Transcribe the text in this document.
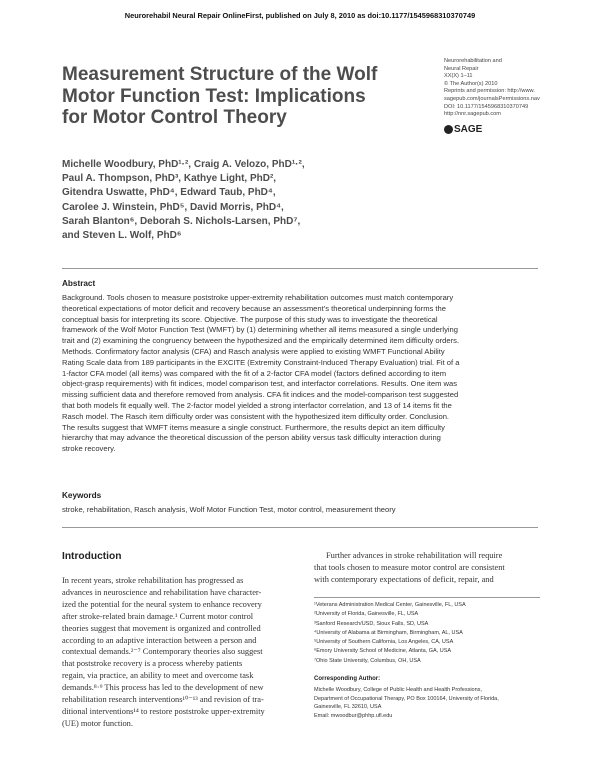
Neurorehabil Neural Repair OnlineFirst, published on July 8, 2010 as doi:10.1177/1545968310370749
Measurement Structure of the Wolf
Motor Function Test: Implications
for Motor Control Theory
Neurorehabilitation and
Neural Repair
XX(X) 1–11
© The Author(s) 2010
Reprints and permission: http://www.
sagepub.com/journalsPermissions.nav
DOI: 10.1177/1545968310370749
http://nnr.sagepub.com
SAGE
Michelle Woodbury, PhD¹·², Craig A. Velozo, PhD¹·²,
Paul A. Thompson, PhD³, Kathye Light, PhD²,
Gitendra Uswatte, PhD⁴, Edward Taub, PhD⁴,
Carolee J. Winstein, PhD⁵, David Morris, PhD⁴,
Sarah Blanton⁶, Deborah S. Nichols-Larsen, PhD⁷,
and Steven L. Wolf, PhD⁶
Abstract
Background. Tools chosen to measure poststroke upper-extremity rehabilitation outcomes must match contemporary
theoretical expectations of motor deficit and recovery because an assessment’s theoretical underpinning forms the
conceptual basis for interpreting its score. Objective. The purpose of this study was to investigate the theoretical
framework of the Wolf Motor Function Test (WMFT) by (1) determining whether all items measured a single underlying
trait and (2) examining the congruency between the hypothesized and the empirically determined item difficulty orders.
Methods. Confirmatory factor analysis (CFA) and Rasch analysis were applied to existing WMFT Functional Ability
Rating Scale data from 189 participants in the EXCITE (Extremity Constraint-Induced Therapy Evaluation) trial. Fit of a
1-factor CFA model (all items) was compared with the fit of a 2-factor CFA model (factors defined according to item
object-grasp requirements) with fit indices, model comparison test, and interfactor correlations. Results. One item was
missing sufficient data and therefore removed from analysis. CFA fit indices and the model-comparison test suggested
that both models fit equally well. The 2-factor model yielded a strong interfactor correlation, and 13 of 14 items fit the
Rasch model. The Rasch item difficulty order was consistent with the hypothesized item difficulty order. Conclusion.
The results suggest that WMFT items measure a single construct. Furthermore, the results depict an item difficulty
hierarchy that may advance the theoretical discussion of the person ability versus task difficulty interaction during
stroke recovery.
Keywords
stroke, rehabilitation, Rasch analysis, Wolf Motor Function Test, motor control, measurement theory
Introduction
In recent years, stroke rehabilitation has progressed as
advances in neuroscience and rehabilitation have character-
ized the potential for the neural system to enhance recovery
after stroke-related brain damage.¹ Current motor control
theories suggest that movement is organized and controlled
according to an adaptive interaction between a person and
contextual demands.²⁻⁷ Contemporary theories also suggest
that poststroke recovery is a process whereby patients
regain, via practice, an ability to meet and overcome task
demands.⁸·⁹ This process has led to the development of new
rehabilitation research interventions¹⁰⁻¹³ and revision of tra-
ditional interventions¹⁴ to restore poststroke upper-extremity
(UE) motor function.
Further advances in stroke rehabilitation will require
that tools chosen to measure motor control are consistent
with contemporary expectations of deficit, repair, and
¹Veterans Administration Medical Center, Gainesville, FL, USA
²University of Florida, Gainesville, FL, USA
³Sanford Research/USD, Sioux Falls, SD, USA
⁴University of Alabama at Birmingham, Birmingham, AL, USA
⁵University of Southern California, Los Angeles, CA, USA
⁶Emory University School of Medicine, Atlanta, GA, USA
⁷Ohio State University, Columbus, OH, USA
Corresponding Author:
Michelle Woodbury, College of Public Health and Health Professions,
Department of Occupational Therapy, PO Box 100164, University of Florida,
Gainesville, FL 32610, USA
Email: mwoodbur@phhp.ufl.edu
